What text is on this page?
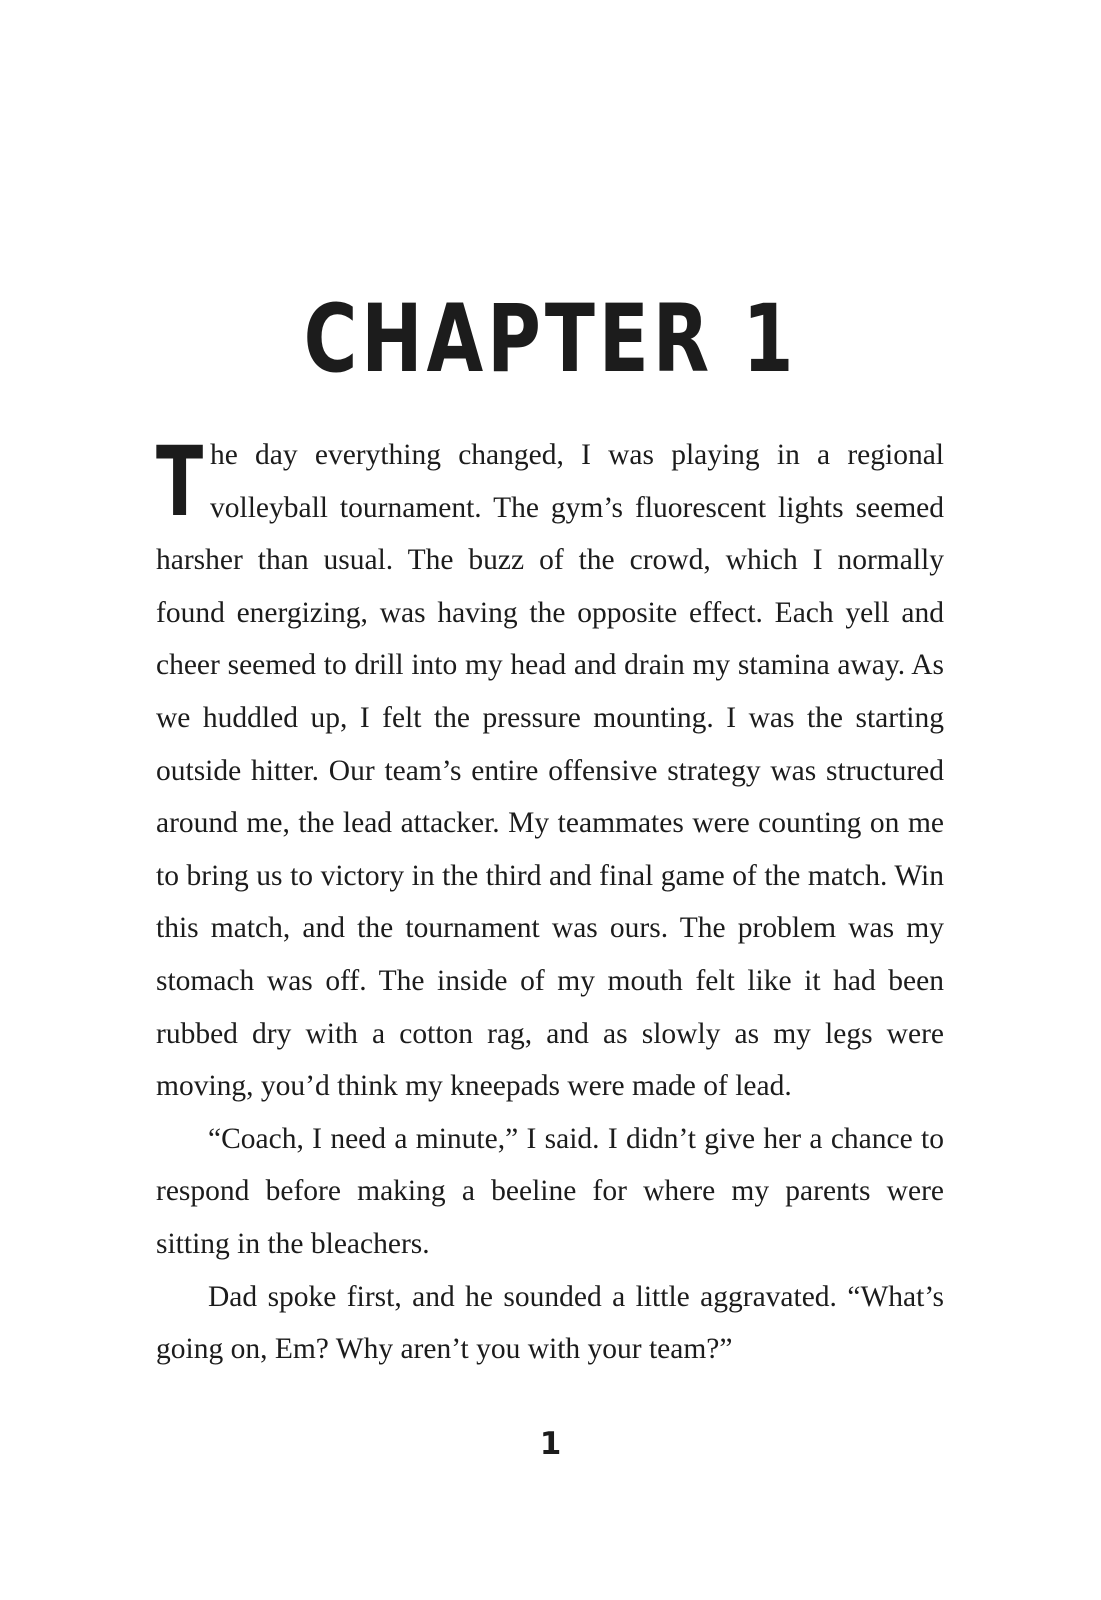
CHAPTER 1

The day everything changed, I was playing in a regional volleyball tournament. The gym’s fluorescent lights seemed harsher than usual. The buzz of the crowd, which I normally found energizing, was having the opposite effect. Each yell and cheer seemed to drill into my head and drain my stamina away. As we huddled up, I felt the pressure mounting. I was the starting outside hitter. Our team’s entire offensive strategy was structured around me, the lead attacker. My teammates were counting on me to bring us to victory in the third and final game of the match. Win this match, and the tournament was ours. The problem was my stomach was off. The inside of my mouth felt like it had been rubbed dry with a cotton rag, and as slowly as my legs were moving, you’d think my kneepads were made of lead.

“Coach, I need a minute,” I said. I didn’t give her a chance to respond before making a beeline for where my parents were sitting in the bleachers.

Dad spoke first, and he sounded a little aggravated. “What’s going on, Em? Why aren’t you with your team?”

1
